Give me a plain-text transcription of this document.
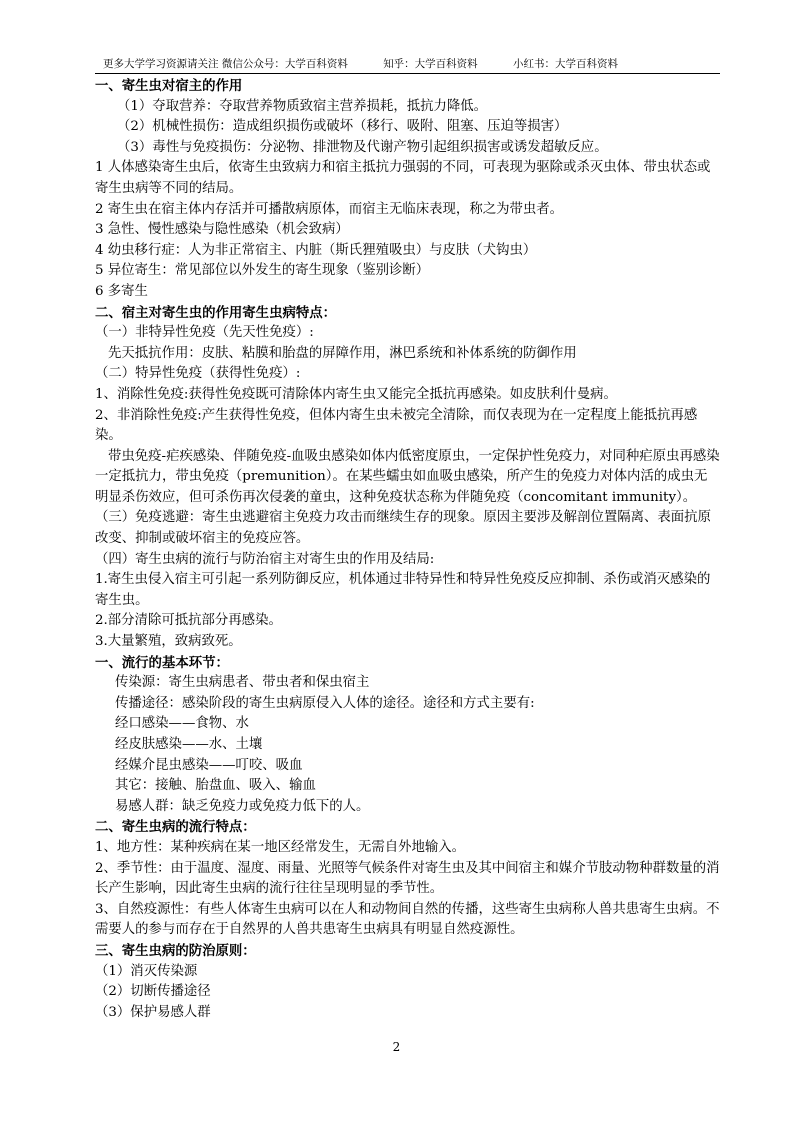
更多大学学习资源请关注 微信公众号：大学百科资料	知乎：大学百科资料	小红书：大学百科资料

一、寄生虫对宿主的作用

（1）夺取营养：夺取营养物质致宿主营养损耗，抵抗力降低。

（2）机械性损伤：造成组织损伤或破坏（移行、吸附、阻塞、压迫等损害）

（3）毒性与免疫损伤：分泌物、排泄物及代谢产物引起组织损害或诱发超敏反应。

1 人体感染寄生虫后，依寄生虫致病力和宿主抵抗力强弱的不同，可表现为驱除或杀灭虫体、带虫状态或寄生虫病等不同的结局。

2 寄生虫在宿主体内存活并可播散病原体，而宿主无临床表现，称之为带虫者。

3 急性、慢性感染与隐性感染（机会致病）

4 幼虫移行症：人为非正常宿主、内脏（斯氏狸殖吸虫）与皮肤（犬钩虫）

5 异位寄生：常见部位以外发生的寄生现象（鉴别诊断）

6 多寄生

二、宿主对寄生虫的作用寄生虫病特点：

（一）非特异性免疫（先天性免疫）:

先天抵抗作用：皮肤、粘膜和胎盘的屏障作用，淋巴系统和补体系统的防御作用

（二）特异性免疫（获得性免疫）:

1、消除性免疫:获得性免疫既可清除体内寄生虫又能完全抵抗再感染。如皮肤利什曼病。

2、非消除性免疫:产生获得性免疫，但体内寄生虫未被完全清除，而仅表现为在一定程度上能抵抗再感染。

带虫免疫-疟疾感染、伴随免疫-血吸虫感染如体内低密度原虫，一定保护性免疫力，对同种疟原虫再感染一定抵抗力，带虫免疫（premunition）。在某些蠕虫如血吸虫感染，所产生的免疫力对体内活的成虫无明显杀伤效应，但可杀伤再次侵袭的童虫，这种免疫状态称为伴随免疫（concomitant immunity）。

（三）免疫逃避：寄生虫逃避宿主免疫力攻击而继续生存的现象。原因主要涉及解剖位置隔离、表面抗原改变、抑制或破坏宿主的免疫应答。

（四）寄生虫病的流行与防治宿主对寄生虫的作用及结局:

1.寄生虫侵入宿主可引起一系列防御反应，机体通过非特异性和特异性免疫反应抑制、杀伤或消灭感染的寄生虫。

2.部分清除可抵抗部分再感染。

3.大量繁殖，致病致死。

一、流行的基本环节：

传染源：寄生虫病患者、带虫者和保虫宿主

传播途径：感染阶段的寄生虫病原侵入人体的途径。途径和方式主要有:

经口感染——食物、水

经皮肤感染——水、土壤

经媒介昆虫感染——叮咬、吸血

其它：接触、胎盘血、吸入、输血

易感人群：缺乏免疫力或免疫力低下的人。

二、寄生虫病的流行特点：

1、地方性：某种疾病在某一地区经常发生，无需自外地输入。

2、季节性：由于温度、湿度、雨量、光照等气候条件对寄生虫及其中间宿主和媒介节肢动物种群数量的消长产生影响，因此寄生虫病的流行往往呈现明显的季节性。

3、自然疫源性：有些人体寄生虫病可以在人和动物间自然的传播，这些寄生虫病称人兽共患寄生虫病。不需要人的参与而存在于自然界的人兽共患寄生虫病具有明显自然疫源性。

三、寄生虫病的防治原则：

（1）消灭传染源

（2）切断传播途径

（3）保护易感人群

2
